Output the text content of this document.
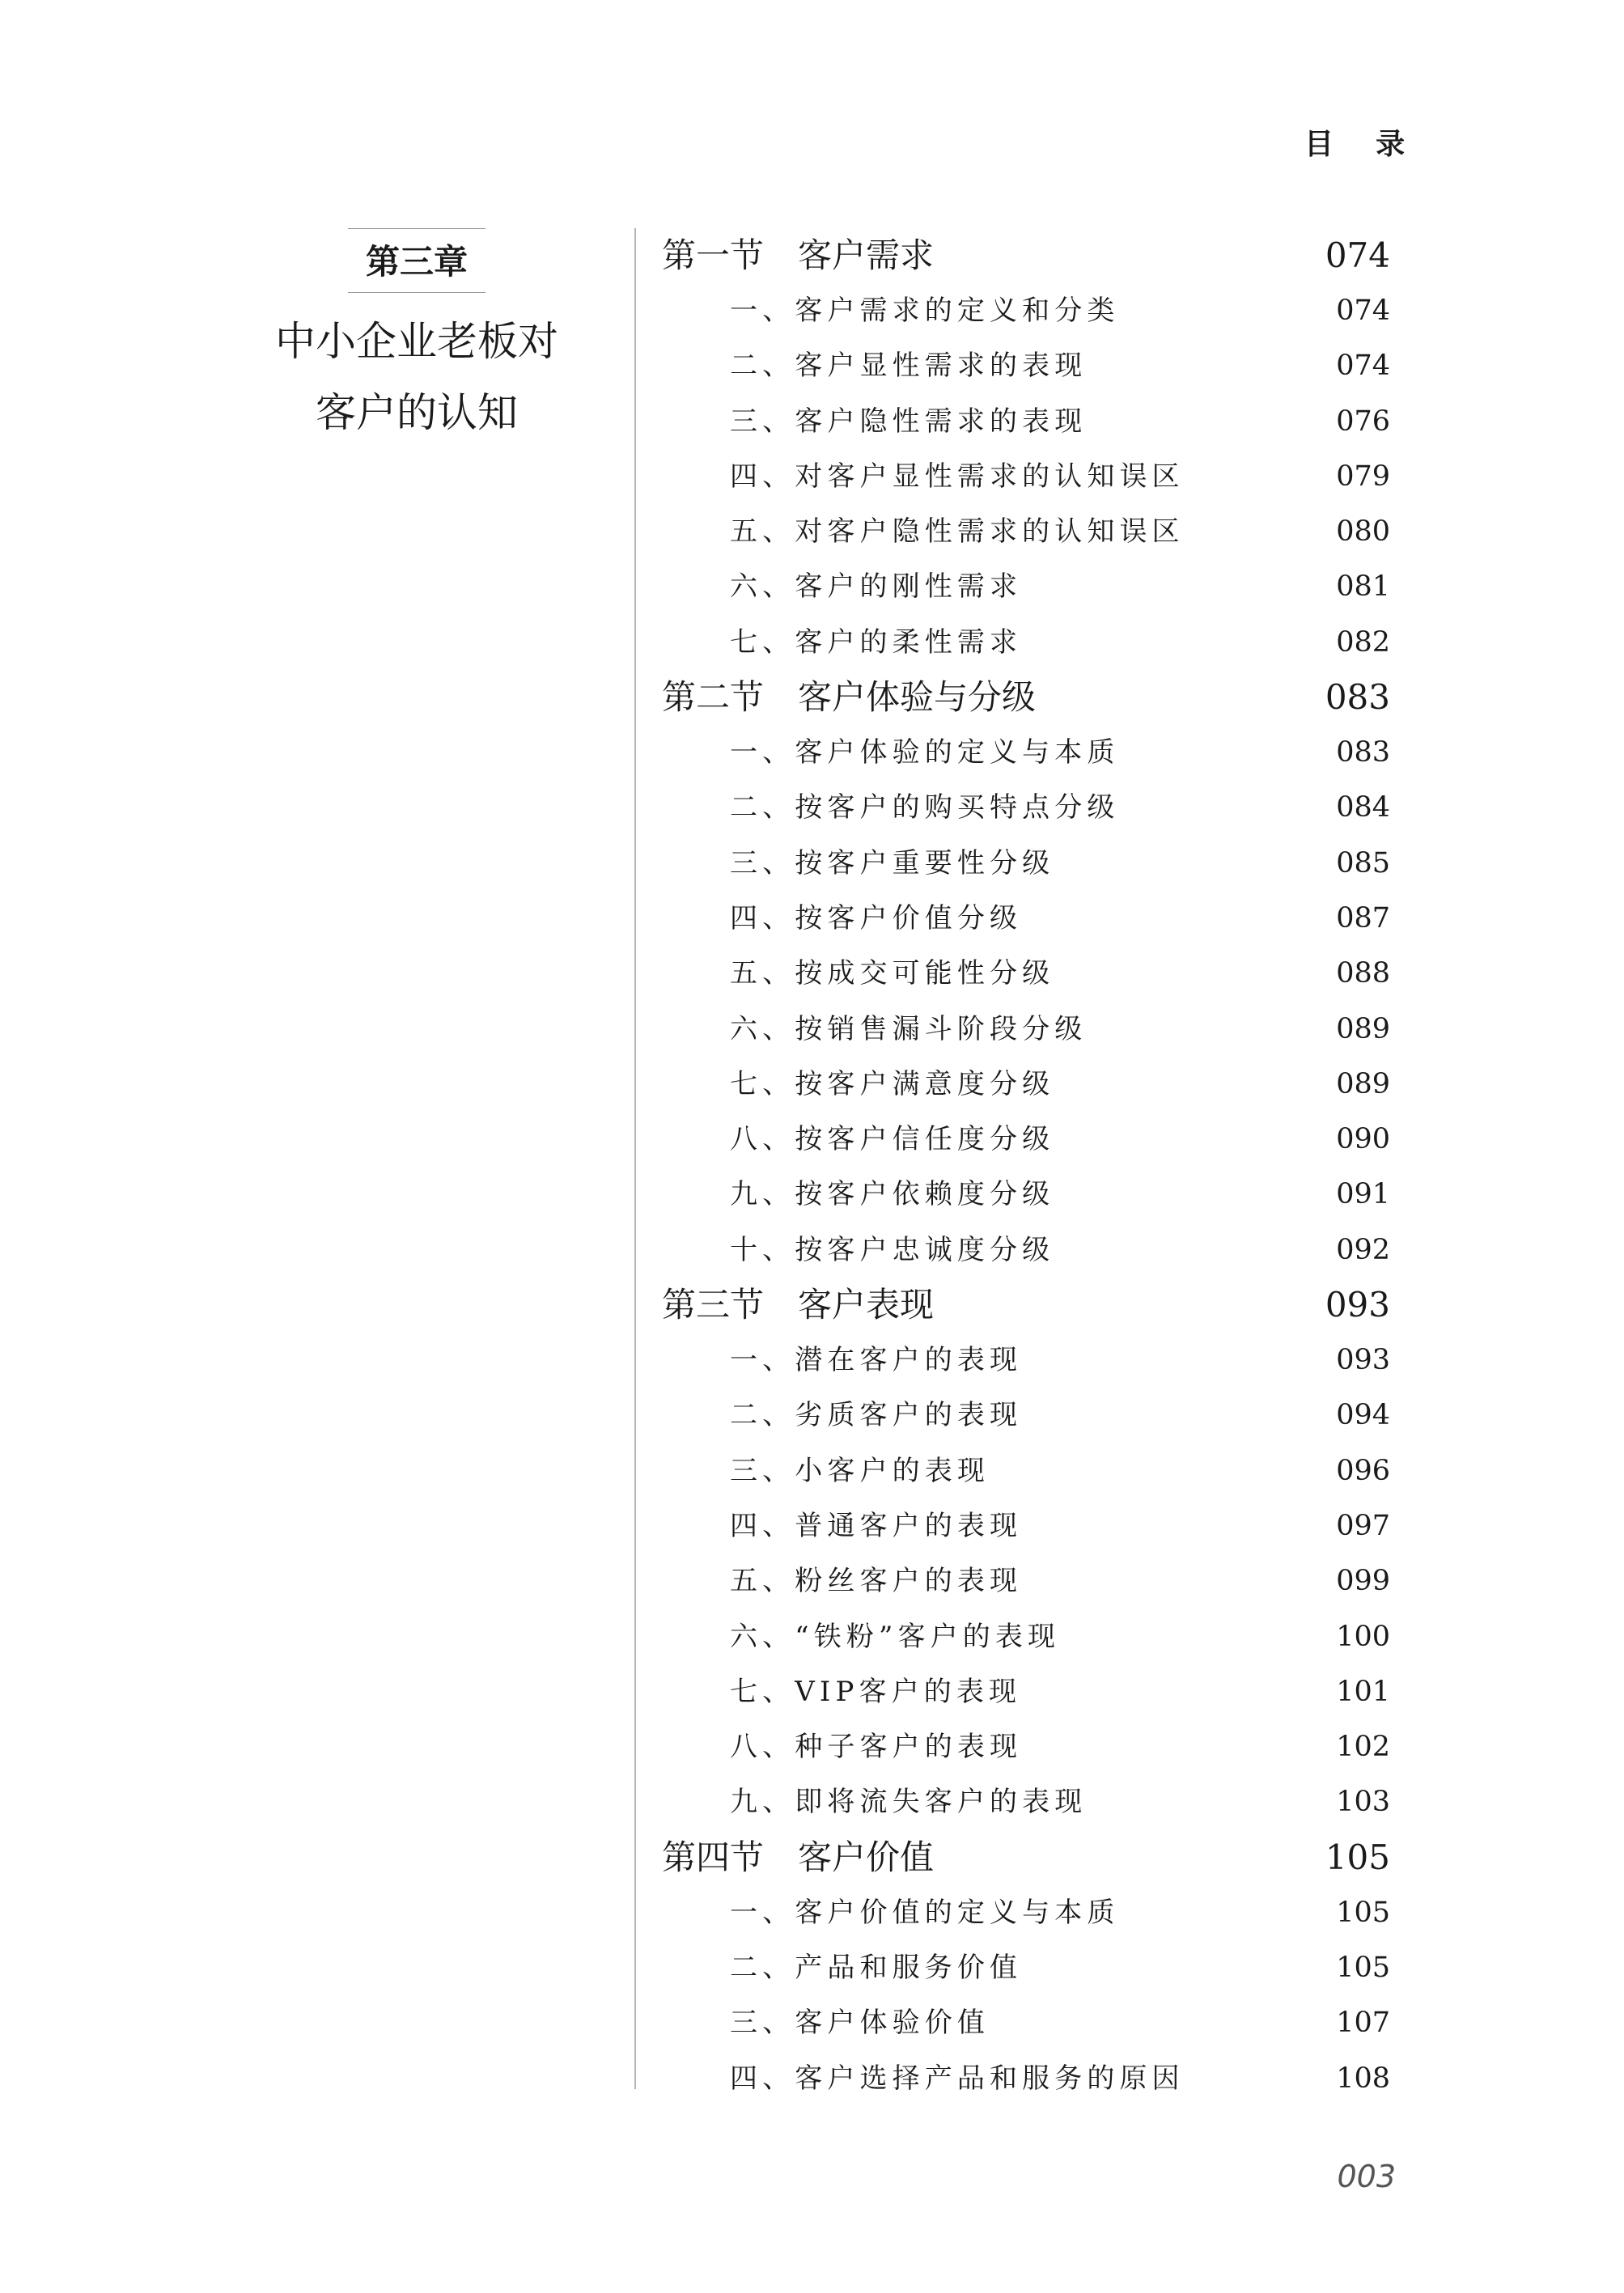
目 录
第三章
中小企业老板对
客户的认知
第一节　客户需求	074
一、客户需求的定义和分类	074
二、客户显性需求的表现	074
三、客户隐性需求的表现	076
四、对客户显性需求的认知误区	079
五、对客户隐性需求的认知误区	080
六、客户的刚性需求	081
七、客户的柔性需求	082
第二节　客户体验与分级	083
一、客户体验的定义与本质	083
二、按客户的购买特点分级	084
三、按客户重要性分级	085
四、按客户价值分级	087
五、按成交可能性分级	088
六、按销售漏斗阶段分级	089
七、按客户满意度分级	089
八、按客户信任度分级	090
九、按客户依赖度分级	091
十、按客户忠诚度分级	092
第三节　客户表现	093
一、潜在客户的表现	093
二、劣质客户的表现	094
三、小客户的表现	096
四、普通客户的表现	097
五、粉丝客户的表现	099
六、“铁粉”客户的表现	100
七、VIP客户的表现	101
八、种子客户的表现	102
九、即将流失客户的表现	103
第四节　客户价值	105
一、客户价值的定义与本质	105
二、产品和服务价值	105
三、客户体验价值	107
四、客户选择产品和服务的原因	108
003
